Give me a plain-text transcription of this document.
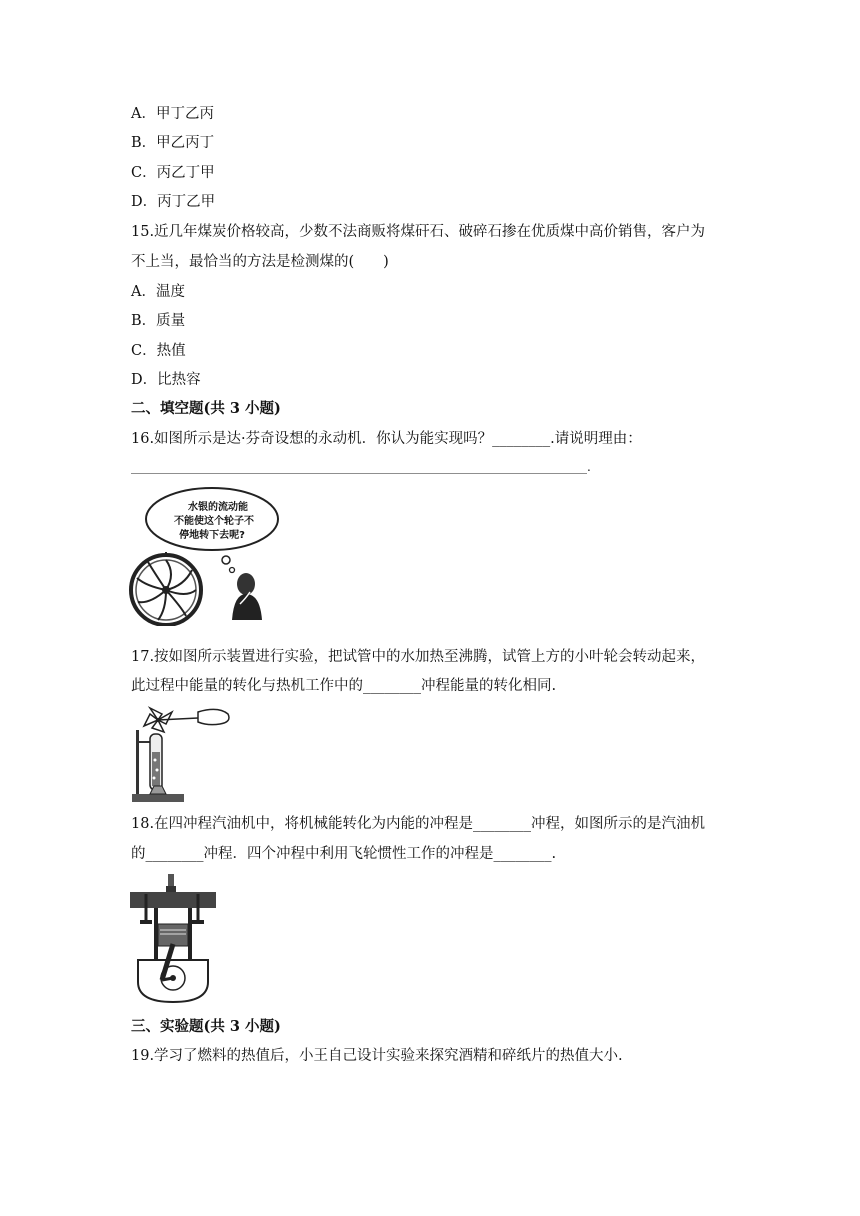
A．甲丁乙丙
B．甲乙丙丁
C．丙乙丁甲
D．丙丁乙甲
15.近几年煤炭价格较高，少数不法商贩将煤矸石、破碎石掺在优质煤中高价销售，客户为
不上当，最恰当的方法是检测煤的(　　)
A．温度
B．质量
C．热值
D．比热容
二、填空题(共 3 小题)
16.如图所示是达·芬奇设想的永动机．你认为能实现吗？________.请说明理由：
____________________________________________________________________________.
水银的流动能
不能使这个轮子不
停地转下去呢?
17.按如图所示装置进行实验，把试管中的水加热至沸腾，试管上方的小叶轮会转动起来，
此过程中能量的转化与热机工作中的________冲程能量的转化相同.
18.在四冲程汽油机中，将机械能转化为内能的冲程是________冲程，如图所示的是汽油机
的________冲程．四个冲程中利用飞轮惯性工作的冲程是________.
三、实验题(共 3 小题)
19.学习了燃料的热值后，小王自己设计实验来探究酒精和碎纸片的热值大小.
